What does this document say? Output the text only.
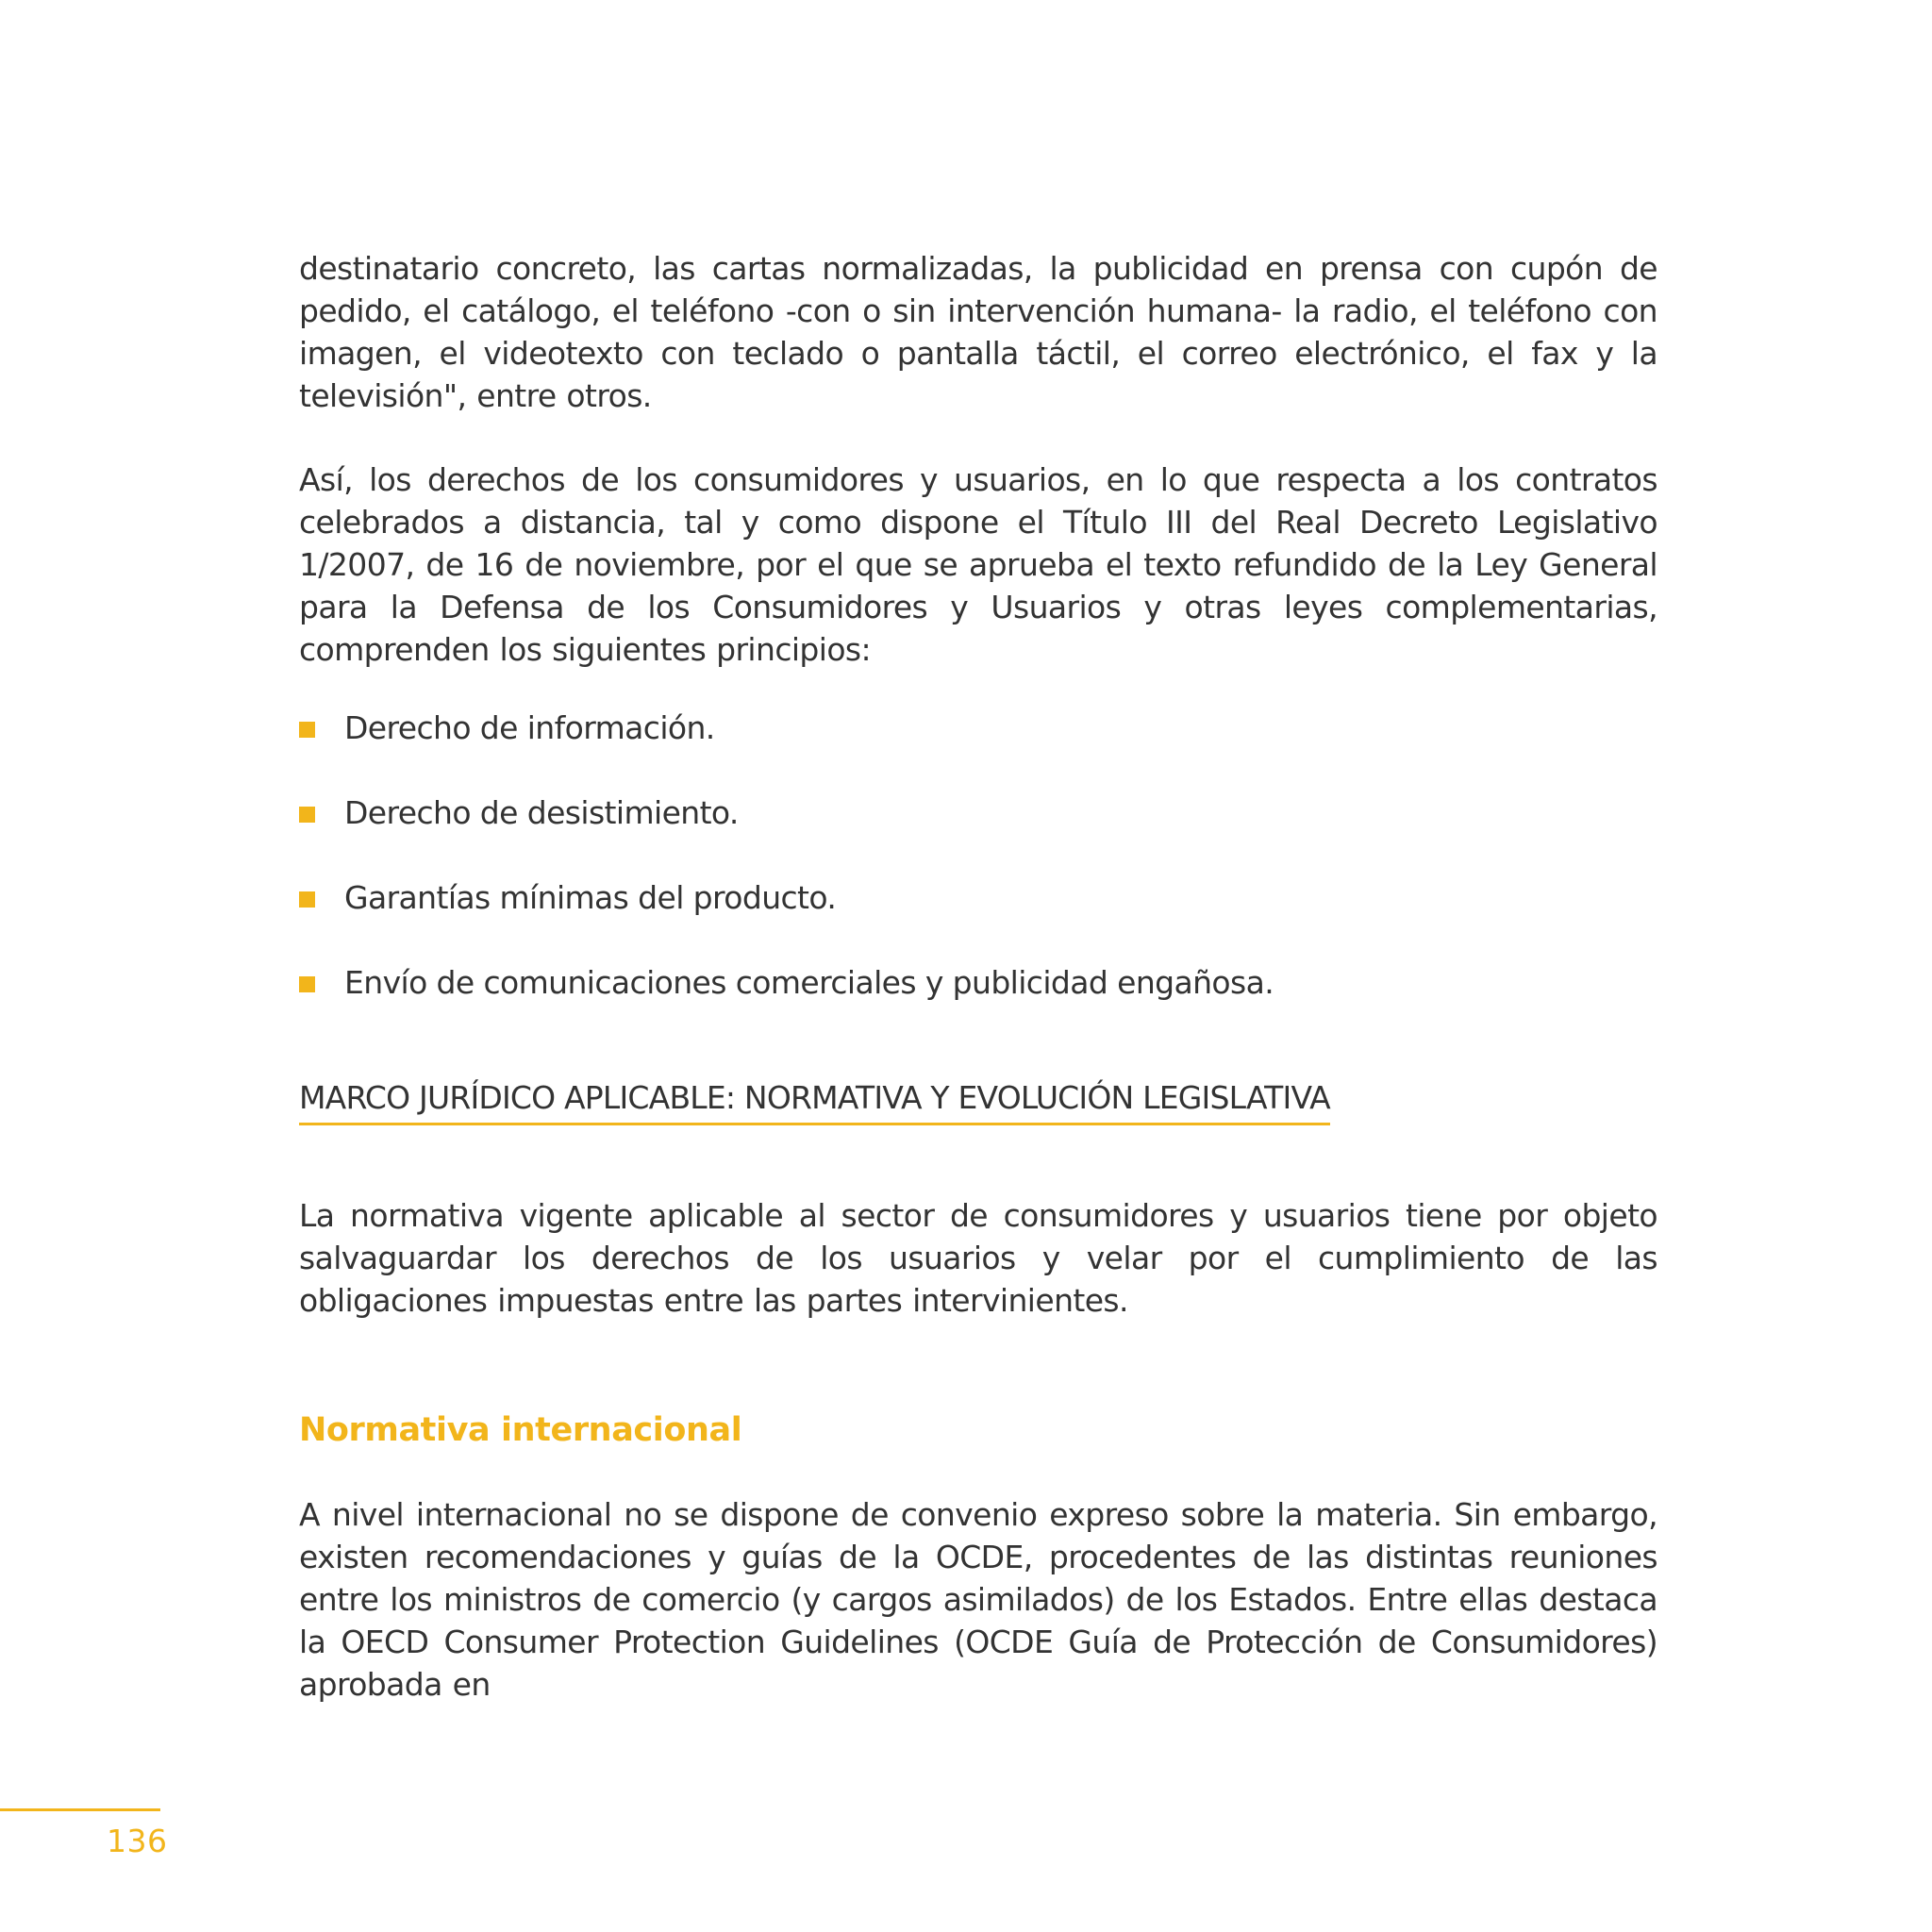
destinatario concreto, las cartas normalizadas, la publicidad en prensa con cupón de pedido, el catálogo, el teléfono -con o sin intervención humana- la radio, el teléfono con imagen, el videotexto con teclado o pantalla táctil, el correo electrónico, el fax y la televisión", entre otros.

Así, los derechos de los consumidores y usuarios, en lo que respecta a los contratos celebrados a distancia, tal y como dispone el Título III del Real Decreto Legislativo 1/2007, de 16 de noviembre, por el que se aprueba el texto refundido de la Ley General para la Defensa de los Consumidores y Usuarios y otras leyes complementarias, comprenden los siguientes principios:

Derecho de información.
Derecho de desistimiento.
Garantías mínimas del producto.
Envío de comunicaciones comerciales y publicidad engañosa.
MARCO JURÍDICO APLICABLE: NORMATIVA Y EVOLUCIÓN LEGISLATIVA

La normativa vigente aplicable al sector de consumidores y usuarios tiene por objeto salvaguardar los derechos de los usuarios y velar por el cumplimiento de las obligaciones impuestas entre las partes intervinientes.

Normativa internacional

A nivel internacional no se dispone de convenio expreso sobre la materia. Sin embargo, existen recomendaciones y guías de la OCDE, procedentes de las distintas reuniones entre los ministros de comercio (y cargos asimilados) de los Estados. Entre ellas destaca la OECD Consumer Protection Guidelines (OCDE Guía de Protección de Consumidores) aprobada en

136
